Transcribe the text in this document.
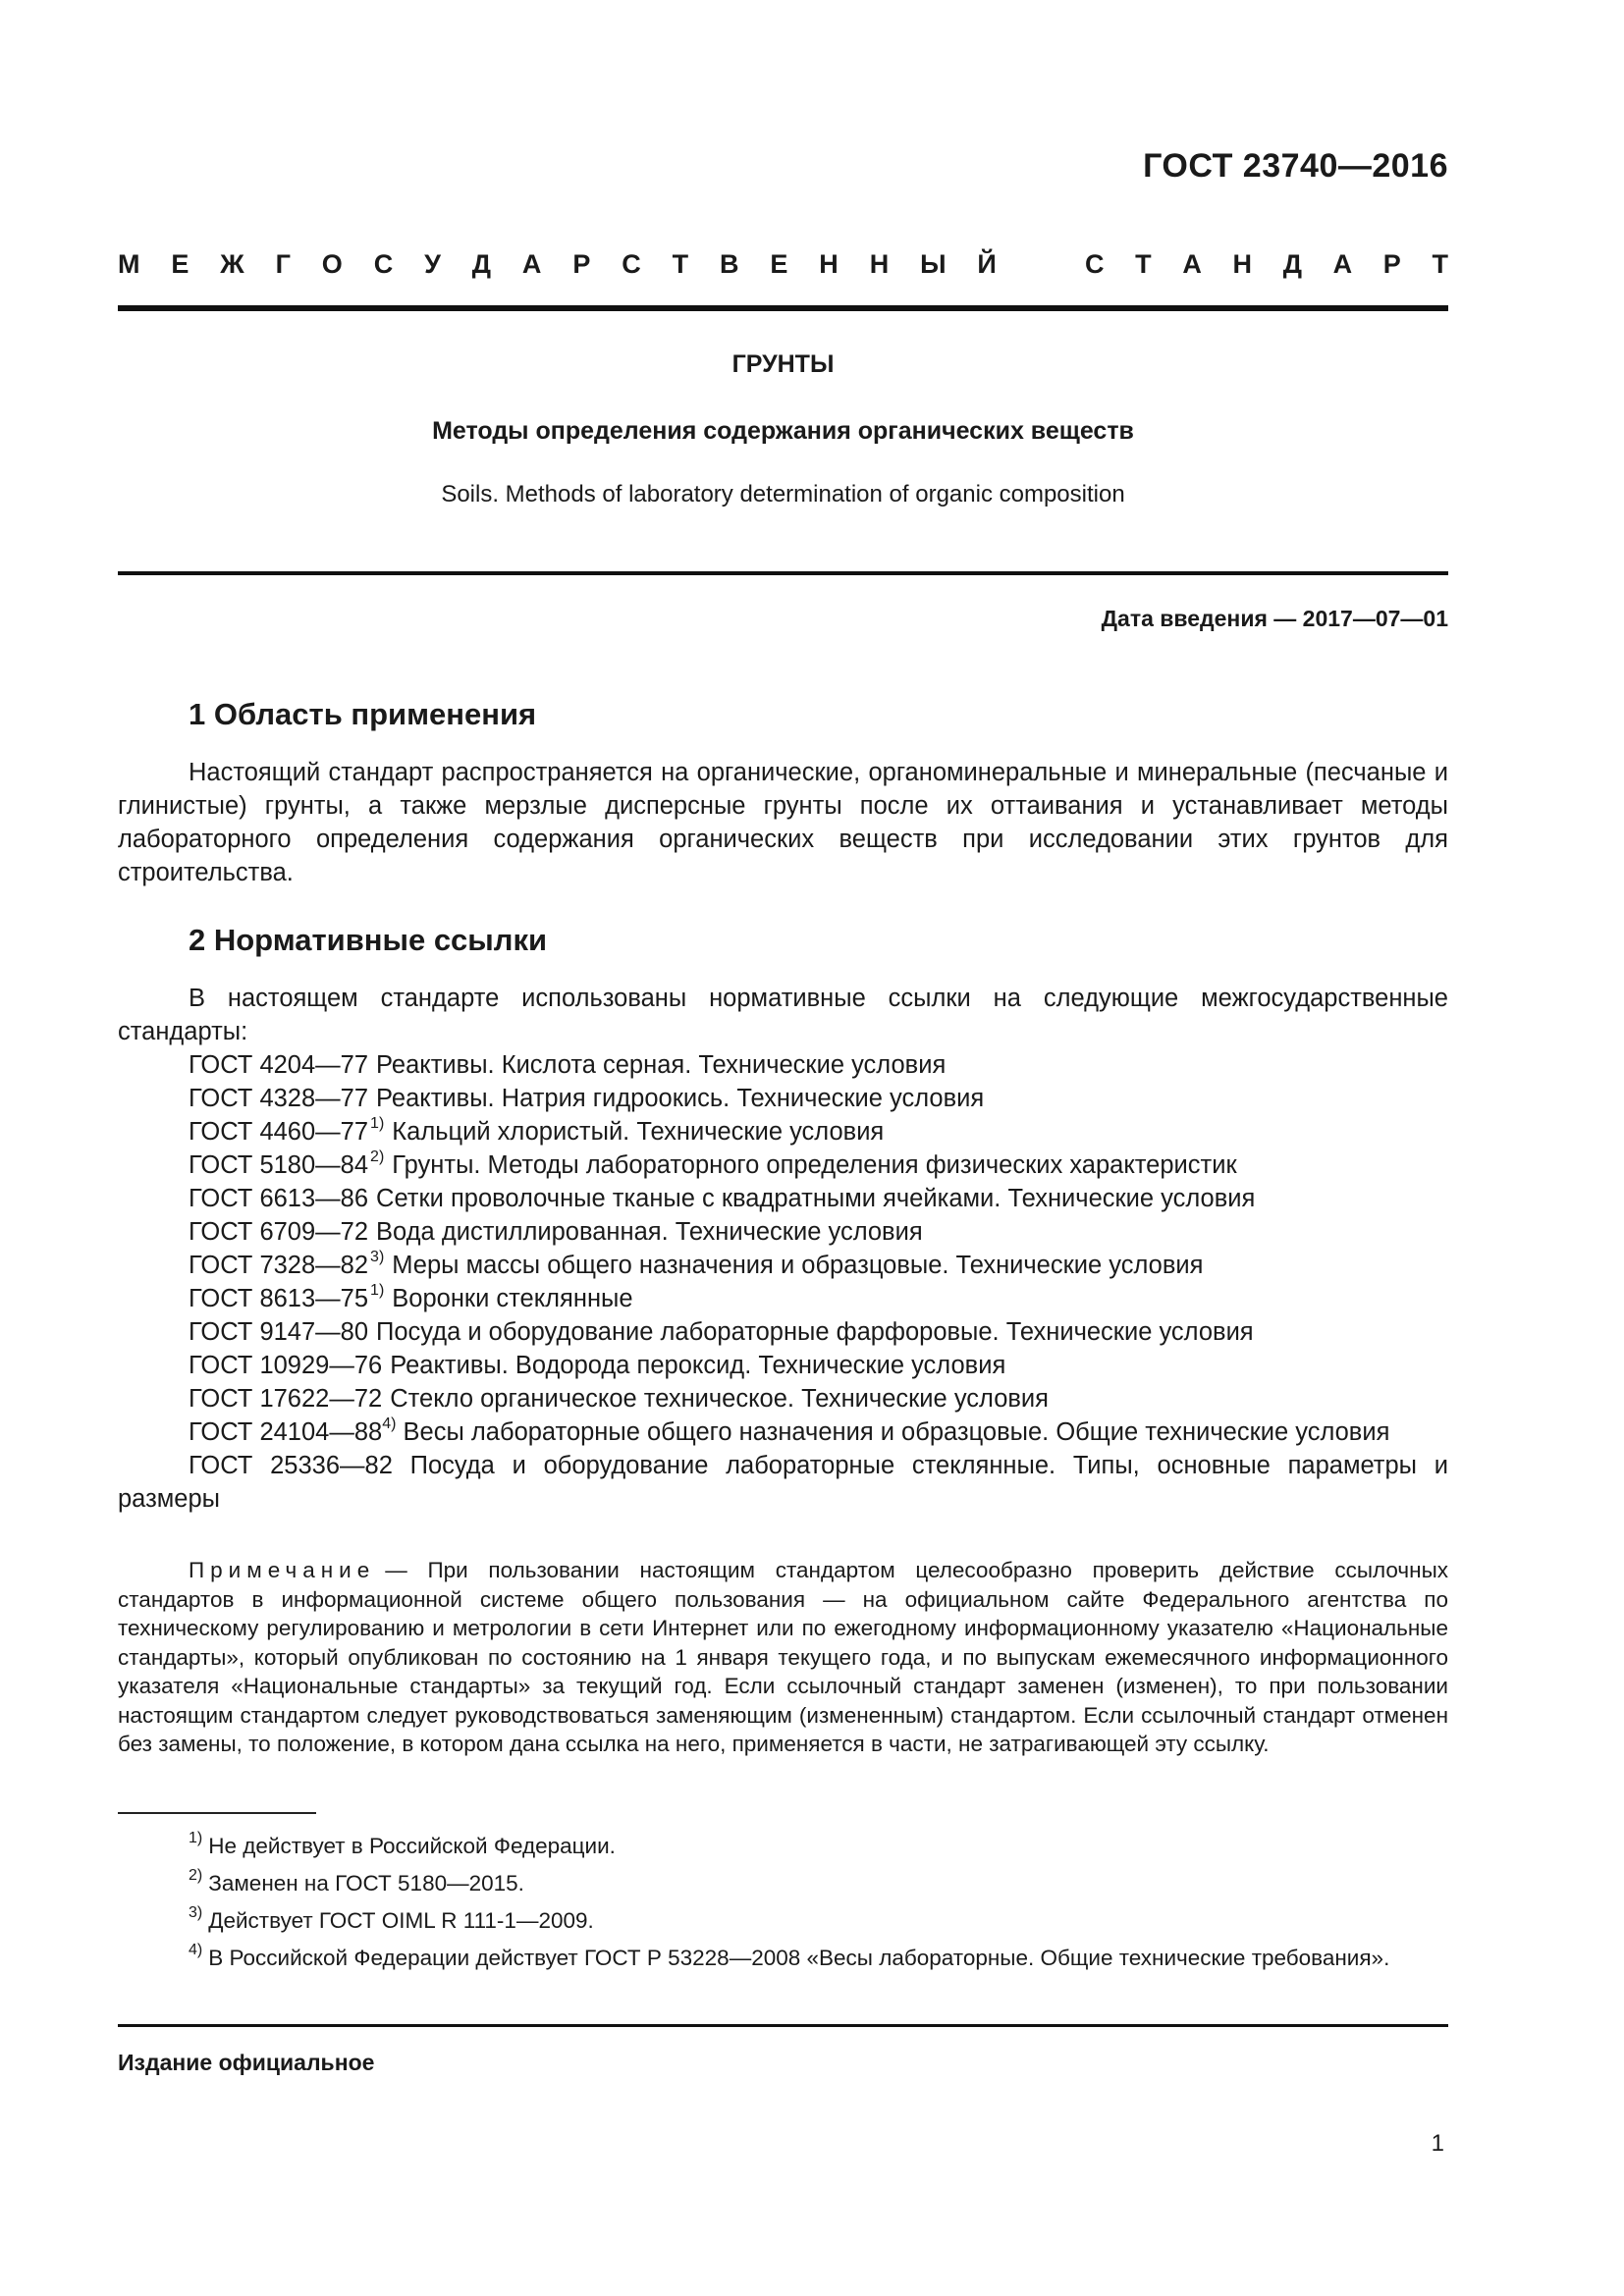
ГОСТ 23740—2016
М Е Ж Г О С У Д А Р С Т В Е Н Н Ы Й	С Т А Н Д А Р Т
ГРУНТЫ
Методы определения содержания органических веществ
Soils. Methods of laboratory determination of organic composition
Дата введения — 2017—07—01
1 Область применения

Настоящий стандарт распространяется на органические, органоминеральные и минеральные (песчаные и глинистые) грунты, а также мерзлые дисперсные грунты после их оттаивания и устанавливает методы лабораторного определения содержания органических веществ при исследовании этих грунтов для строительства.

2 Нормативные ссылки

В настоящем стандарте использованы нормативные ссылки на следующие межгосударственные стандарты:

ГОСТ 4204—77 Реактивы. Кислота серная. Технические условия
ГОСТ 4328—77 Реактивы. Натрия гидроокись. Технические условия
ГОСТ 4460—77 $^{1)}$ Кальций хлористый. Технические условия
ГОСТ 5180—84 $^{2)}$ Грунты. Методы лабораторного определения физических характеристик
ГОСТ 6613—86 Сетки проволочные тканые с квадратными ячейками. Технические условия
ГОСТ 6709—72 Вода дистиллированная. Технические условия
ГОСТ 7328—82 $^{3)}$ Меры массы общего назначения и образцовые. Технические условия
ГОСТ 8613—75 $^{1)}$ Воронки стеклянные
ГОСТ 9147—80 Посуда и оборудование лабораторные фарфоровые. Технические условия
ГОСТ 10929—76 Реактивы. Водорода пероксид. Технические условия
ГОСТ 17622—72 Стекло органическое техническое. Технические условия
ГОСТ 24104—88$^{4)}$ Весы лабораторные общего назначения и образцовые. Общие технические условия
ГОСТ 25336—82 Посуда и оборудование лабораторные стеклянные. Типы, основные параметры и размеры

Примечание — При пользовании настоящим стандартом целесообразно проверить действие ссылочных стандартов в информационной системе общего пользования — на официальном сайте Федерального агентства по техническому регулированию и метрологии в сети Интернет или по ежегодному информационному указателю «Национальные стандарты», который опубликован по состоянию на 1 января текущего года, и по выпускам ежемесячного информационного указателя «Национальные стандарты» за текущий год. Если ссылочный стандарт заменен (изменен), то при пользовании настоящим стандартом следует руководствоваться заменяющим (измененным) стандартом. Если ссылочный стандарт отменен без замены, то положение, в котором дана ссылка на него, применяется в части, не затрагивающей эту ссылку.

$^{1)}$ Не действует в Российской Федерации.

$^{2)}$ Заменен на ГОСТ 5180—2015.

$^{3)}$ Действует ГОСТ OIML R 111-1—2009.

$^{4)}$ В Российской Федерации действует ГОСТ Р 53228—2008 «Весы лабораторные. Общие технические требования».

Издание официальное
1
